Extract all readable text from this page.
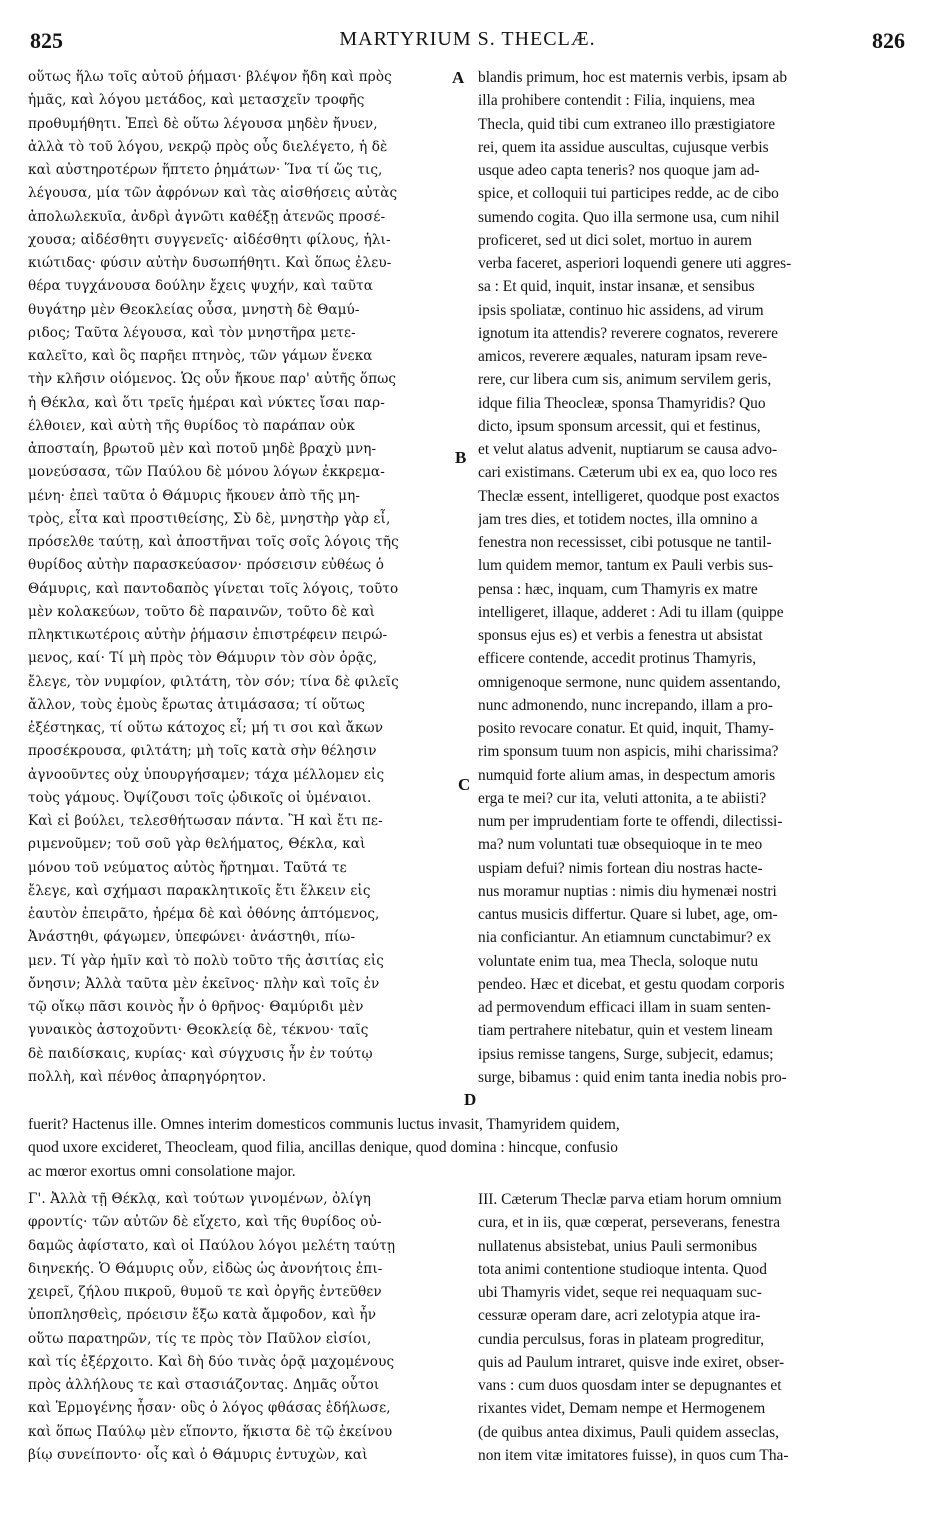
MARTYRIUM S. THECLÆ.
825	826
οὕτως ἥλω τοῖς αὐτοῦ ῥήμασι· βλέψον ἤδη καὶ πρὸς
ἡμᾶς, καὶ λόγου μετάδος, καὶ μετασχεῖν τροφῆς
προθυμήθητι. Ἐπεὶ δὲ οὕτω λέγουσα μηδὲν ἤνυεν,
ἀλλὰ τὸ τοῦ λόγου, νεκρῷ πρὸς οὖς διελέγετο, ἡ δὲ
καὶ αὐστηροτέρων ἥπτετο ῥημάτων· Ἵνα τί ὥς τις,
λέγουσα, μία τῶν ἀφρόνων καὶ τὰς αἰσθήσεις αὐτὰς
ἀπολωλεκυῖα, ἀνδρὶ ἀγνῶτι καθέξῃ ἀτενῶς προσέ-
χουσα; αἰδέσθητι συγγενεῖς· αἰδέσθητι φίλους, ἡλι-
κιώτιδας· φύσιν αὐτὴν δυσωπήθητι. Καὶ ὅπως ἐλευ-
θέρα τυγχάνουσα δούλην ἔχεις ψυχήν, καὶ ταῦτα
θυγάτηρ μὲν Θεοκλείας οὖσα, μνηστὴ δὲ Θαμύ-
ριδος; Ταῦτα λέγουσα, καὶ τὸν μνηστῆρα μετε-
καλεῖτο, καὶ ὃς παρῆει πτηνὸς, τῶν γάμων ἕνεκα
τὴν κλῆσιν οἰόμενος. Ὡς οὖν ἤκουε παρ' αὐτῆς ὅπως
ἡ Θέκλα, καὶ ὅτι τρεῖς ἡμέραι καὶ νύκτες ἴσαι παρ-
έλθοιεν, καὶ αὐτὴ τῆς θυρίδος τὸ παράπαν οὐκ
ἀποσταίη, βρωτοῦ μὲν καὶ ποτοῦ μηδὲ βραχὺ μνη-
μονεύσασα, τῶν Παύλου δὲ μόνου λόγων ἐκκρεμα-
μένη· ἐπεὶ ταῦτα ὁ Θάμυρις ἤκουεν ἀπὸ τῆς μη-
τρὸς, εἶτα καὶ προστιθείσης, Σὺ δὲ, μνηστὴρ γὰρ εἶ,
πρόσελθε ταύτῃ, καὶ ἀποστῆναι τοῖς σοῖς λόγοις τῆς
θυρίδος αὐτὴν παρασκεύασον· πρόσεισιν εὐθέως ὁ
Θάμυρις, καὶ παντοδαπὸς γίνεται τοῖς λόγοις, τοῦτο
μὲν κολακεύων, τοῦτο δὲ παραινῶν, τοῦτο δὲ καὶ
πληκτικωτέροις αὐτὴν ῥήμασιν ἐπιστρέφειν πειρώ-
μενος, καί· Τί μὴ πρὸς τὸν Θάμυριν τὸν σὸν ὁρᾷς,
ἔλεγε, τὸν νυμφίον, φιλτάτη, τὸν σόν; τίνα δὲ φιλεῖς
ἄλλον, τοὺς ἐμοὺς ἔρωτας ἀτιμάσασα; τί οὕτως
ἐξέστηκας, τί οὕτω κάτοχος εἶ; μή τι σοι καὶ ἄκων
προσέκρουσα, φιλτάτη; μὴ τοῖς κατὰ σὴν θέλησιν
ἀγνοοῦντες οὐχ ὑπουργήσαμεν; τάχα μέλλομεν εἰς
τοὺς γάμους. Ὀψίζουσι τοῖς ᾠδικοῖς οἱ ὑμέναιοι.
Καὶ εἰ βούλει, τελεσθήτωσαν πάντα. Ἢ καὶ ἔτι πε-
ριμενοῦμεν; τοῦ σοῦ γὰρ θελήματος, Θέκλα, καὶ
μόνου τοῦ νεύματος αὐτὸς ἤρτημαι. Ταῦτά τε
ἔλεγε, καὶ σχήμασι παρακλητικοῖς ἔτι ἕλκειν εἰς
ἑαυτὸν ἐπειρᾶτο, ἠρέμα δὲ καὶ ὀθόνης ἁπτόμενος,
Ἀνάστηθι, φάγωμεν, ὑπεφώνει· ἀνάστηθι, πίω-
μεν. Τί γὰρ ἡμῖν καὶ τὸ πολὺ τοῦτο τῆς ἀσιτίας εἰς
ὄνησιν; Ἀλλὰ ταῦτα μὲν ἐκεῖνος· πλὴν καὶ τοῖς ἐν
τῷ οἴκῳ πᾶσι κοινὸς ἦν ὁ θρῆνος· Θαμύριδι μὲν
γυναικὸς ἀστοχοῦντι· Θεοκλείᾳ δὲ, τέκνου· ταῖς
δὲ παιδίσκαις, κυρίας· καὶ σύγχυσις ἦν ἐν τούτῳ
πολλὴ, καὶ πένθος ἀπαρηγόρητον.
blandis primum, hoc est maternis verbis, ipsam ab
illa prohibere contendit : Filia, inquiens, mea
Thecla, quid tibi cum extraneo illo præstigiatore
rei, quem ita assidue auscultas, cujusque verbis
usque adeo capta teneris? nos quoque jam ad-
spice, et colloquii tui participes redde, ac de cibo
sumendo cogita. Quo illa sermone usa, cum nihil
proficeret, sed ut dici solet, mortuo in aurem
verba faceret, asperiori loquendi genere uti aggres-
sa : Et quid, inquit, instar insanæ, et sensibus
ipsis spoliatæ, continuo hic assidens, ad virum
ignotum ita attendis? reverere cognatos, reverere
amicos, reverere æquales, naturam ipsam reve-
rere, cur libera cum sis, animum servilem geris,
idque filia Theocleæ, sponsa Thamyridis? Quo
dicto, ipsum sponsum arcessit, qui et festinus,
et velut alatus advenit, nuptiarum se causa advo-
cari existimans. Cæterum ubi ex ea, quo loco res
Theclæ essent, intelligeret, quodque post exactos
jam tres dies, et totidem noctes, illa omnino a
fenestra non recessisset, cibi potusque ne tantil-
lum quidem memor, tantum ex Pauli verbis sus-
pensa : hæc, inquam, cum Thamyris ex matre
intelligeret, illaque, adderet : Adi tu illam (quippe
sponsus ejus es) et verbis a fenestra ut absistat
efficere contende, accedit protinus Thamyris,
omnigenoque sermone, nunc quidem assentando,
nunc admonendo, nunc increpando, illam a pro-
posito revocare conatur. Et quid, inquit, Thamy-
rim sponsum tuum non aspicis, mihi charissima?
numquid forte alium amas, in despectum amoris
erga te mei? cur ita, veluti attonita, a te abiisti?
num per imprudentiam forte te offendi, dilectissi-
ma? num voluntati tuæ obsequioque in te meo
uspiam defui? nimis fortean diu nostras hacte-
nus moramur nuptias : nimis diu hymenæi nostri
cantus musicis differtur. Quare si lubet, age, om-
nia conficiantur. An etiamnum cunctabimur? ex
voluntate enim tua, mea Thecla, soloque nutu
pendeo. Hæc et dicebat, et gestu quodam corporis
ad permovendum efficaci illam in suam senten-
tiam pertrahere nitebatur, quin et vestem lineam
ipsius remisse tangens, Surge, subjecit, edamus;
surge, bibamus : quid enim tanta inedia nobis pro-
fuerit? Hactenus ille. Omnes interim domesticos communis luctus invasit, Thamyridem quidem,
quod uxore excideret, Theocleam, quod filia, ancillas denique, quod domina : hincque, confusio
ac mœror exortus omni consolatione major.
Γ'. Ἀλλὰ τῇ Θέκλᾳ, καὶ τούτων γινομένων, ὀλίγη
φροντίς· τῶν αὐτῶν δὲ εἴχετο, καὶ τῆς θυρίδος οὐ-
δαμῶς ἀφίστατο, καὶ οἱ Παύλου λόγοι μελέτη ταύτῃ
διηνεκής. Ὁ Θάμυρις οὖν, εἰδὼς ὡς ἀνονήτοις ἐπι-
χειρεῖ, ζήλου πικροῦ, θυμοῦ τε καὶ ὀργῆς ἐντεῦθεν
ὑποπλησθεὶς, πρόεισιν ἔξω κατὰ ἄμφοδον, καὶ ἦν
οὕτω παρατηρῶν, τίς τε πρὸς τὸν Παῦλον εἰσίοι,
καὶ τίς ἐξέρχοιτο. Καὶ δὴ δύο τινὰς ὁρᾷ μαχομένους
πρὸς ἀλλήλους τε καὶ στασιάζοντας. Δημᾶς οὗτοι
καὶ Ἑρμογένης ἦσαν· οὓς ὁ λόγος φθάσας ἐδήλωσε,
καὶ ὅπως Παύλῳ μὲν εἵποντο, ἥκιστα δὲ τῷ ἐκείνου
βίῳ συνείποντο· οἷς καὶ ὁ Θάμυρις ἐντυχὼν, καὶ
III. Cæterum Theclæ parva etiam horum omnium
cura, et in iis, quæ cœperat, perseverans, fenestra
nullatenus absistebat, unius Pauli sermonibus
tota animi contentione studioque intenta. Quod
ubi Thamyris videt, seque rei nequaquam suc-
cessuræ operam dare, acri zelotypia atque ira-
cundia perculsus, foras in plateam progreditur,
quis ad Paulum intraret, quisve inde exiret, obser-
vans : cum duos quosdam inter se depugnantes et
rixantes videt, Demam nempe et Hermogenem
(de quibus antea diximus, Pauli quidem asseclas,
non item vitæ imitatores fuisse), in quos cum Tha-
A
B
C
D
